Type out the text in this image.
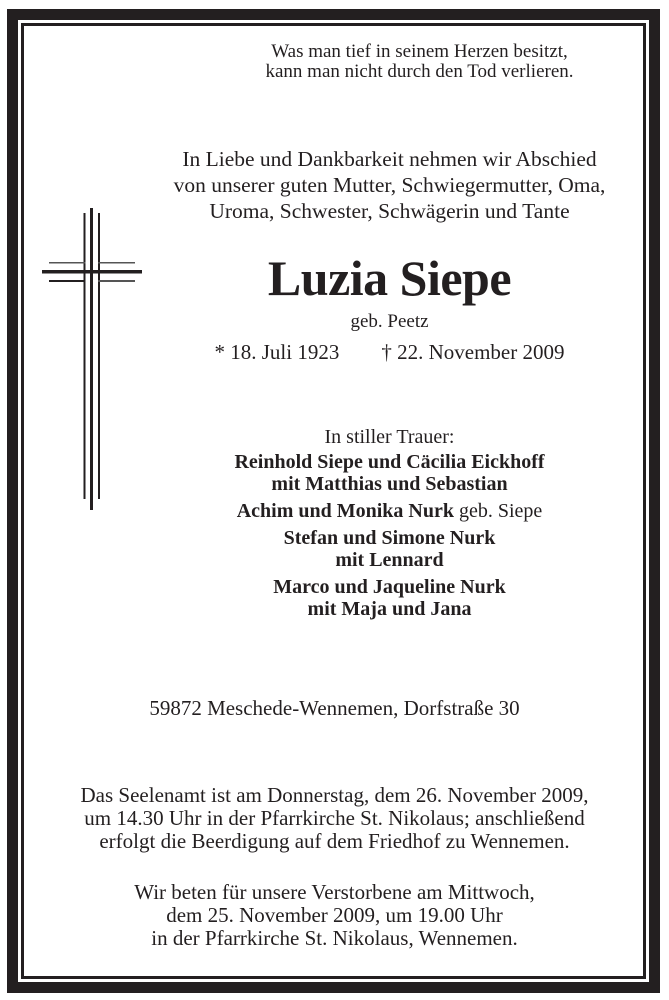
Was man tief in seinem Herzen besitzt,
kann man nicht durch den Tod verlieren.
In Liebe und Dankbarkeit nehmen wir Abschied
von unserer guten Mutter, Schwiegermutter, Oma,
Uroma, Schwester, Schwägerin und Tante
Luzia Siepe
geb. Peetz
* 18. Juli 1923 † 22. November 2009
In stiller Trauer:
Reinhold Siepe und Cäcilia Eickhoff
mit Matthias und Sebastian
Achim und Monika Nurk geb. Siepe
Stefan und Simone Nurk
mit Lennard
Marco und Jaqueline Nurk
mit Maja und Jana
59872 Meschede-Wennemen, Dorfstraße 30
Das Seelenamt ist am Donnerstag, dem 26. November 2009,
um 14.30 Uhr in der Pfarrkirche St. Nikolaus; anschließend
erfolgt die Beerdigung auf dem Friedhof zu Wennemen.
Wir beten für unsere Verstorbene am Mittwoch,
dem 25. November 2009, um 19.00 Uhr
in der Pfarrkirche St. Nikolaus, Wennemen.
